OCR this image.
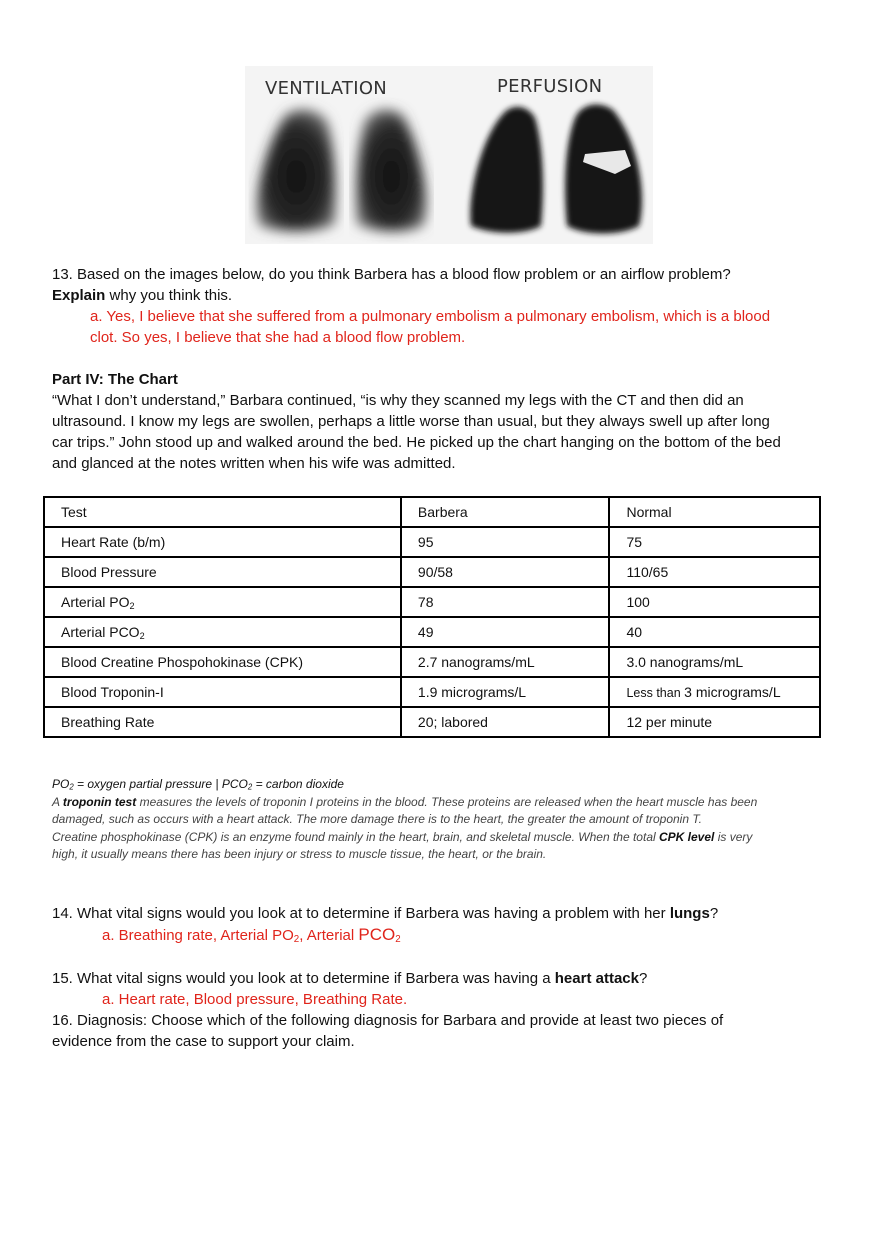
VENTILATION	PERFUSION

13. Based on the images below, do you think Barbera has a blood flow problem or an airflow problem?

Explain why you think this.

a. Yes, I believe that she suffered from a pulmonary embolism a pulmonary embolism, which is a blood

clot. So yes, I believe that she had a blood flow problem.

Part IV: The Chart

“What I don’t understand,” Barbara continued, “is why they scanned my legs with the CT and then did an

ultrasound. I know my legs are swollen, perhaps a little worse than usual, but they always swell up after long

car trips.” John stood up and walked around the bed. He picked up the chart hanging on the bottom of the bed

and glanced at the notes written when his wife was admitted.

Test	Barbera	Normal
Heart Rate (b/m)	95	75
Blood Pressure	90/58	110/65
Arterial $PO_2$	78	100
Arterial $PCO_2$	49	40
Blood Creatine Phospohokinase (CPK)	2.7 nanograms/mL	3.0 nanograms/mL
Blood Troponin-I	1.9 micrograms/L	Less than 3 micrograms/L
Breathing Rate	20; labored	12 per minute

$PO_2$ = oxygen partial pressure | $PCO_2$ = carbon dioxide

A troponin test measures the levels of troponin I proteins in the blood. These proteins are released when the heart muscle has been

damaged, such as occurs with a heart attack. The more damage there is to the heart, the greater the amount of troponin T.

Creatine phosphokinase (CPK) is an enzyme found mainly in the heart, brain, and skeletal muscle. When the total CPK level is very

high, it usually means there has been injury or stress to muscle tissue, the heart, or the brain.

14. What vital signs would you look at to determine if Barbera was having a problem with her lungs?

a. Breathing rate, Arterial $PO_2$, Arterial $PCO_2$

15. What vital signs would you look at to determine if Barbera was having a heart attack?

a. Heart rate, Blood pressure, Breathing Rate.

16. Diagnosis: Choose which of the following diagnosis for Barbara and provide at least two pieces of

evidence from the case to support your claim.
